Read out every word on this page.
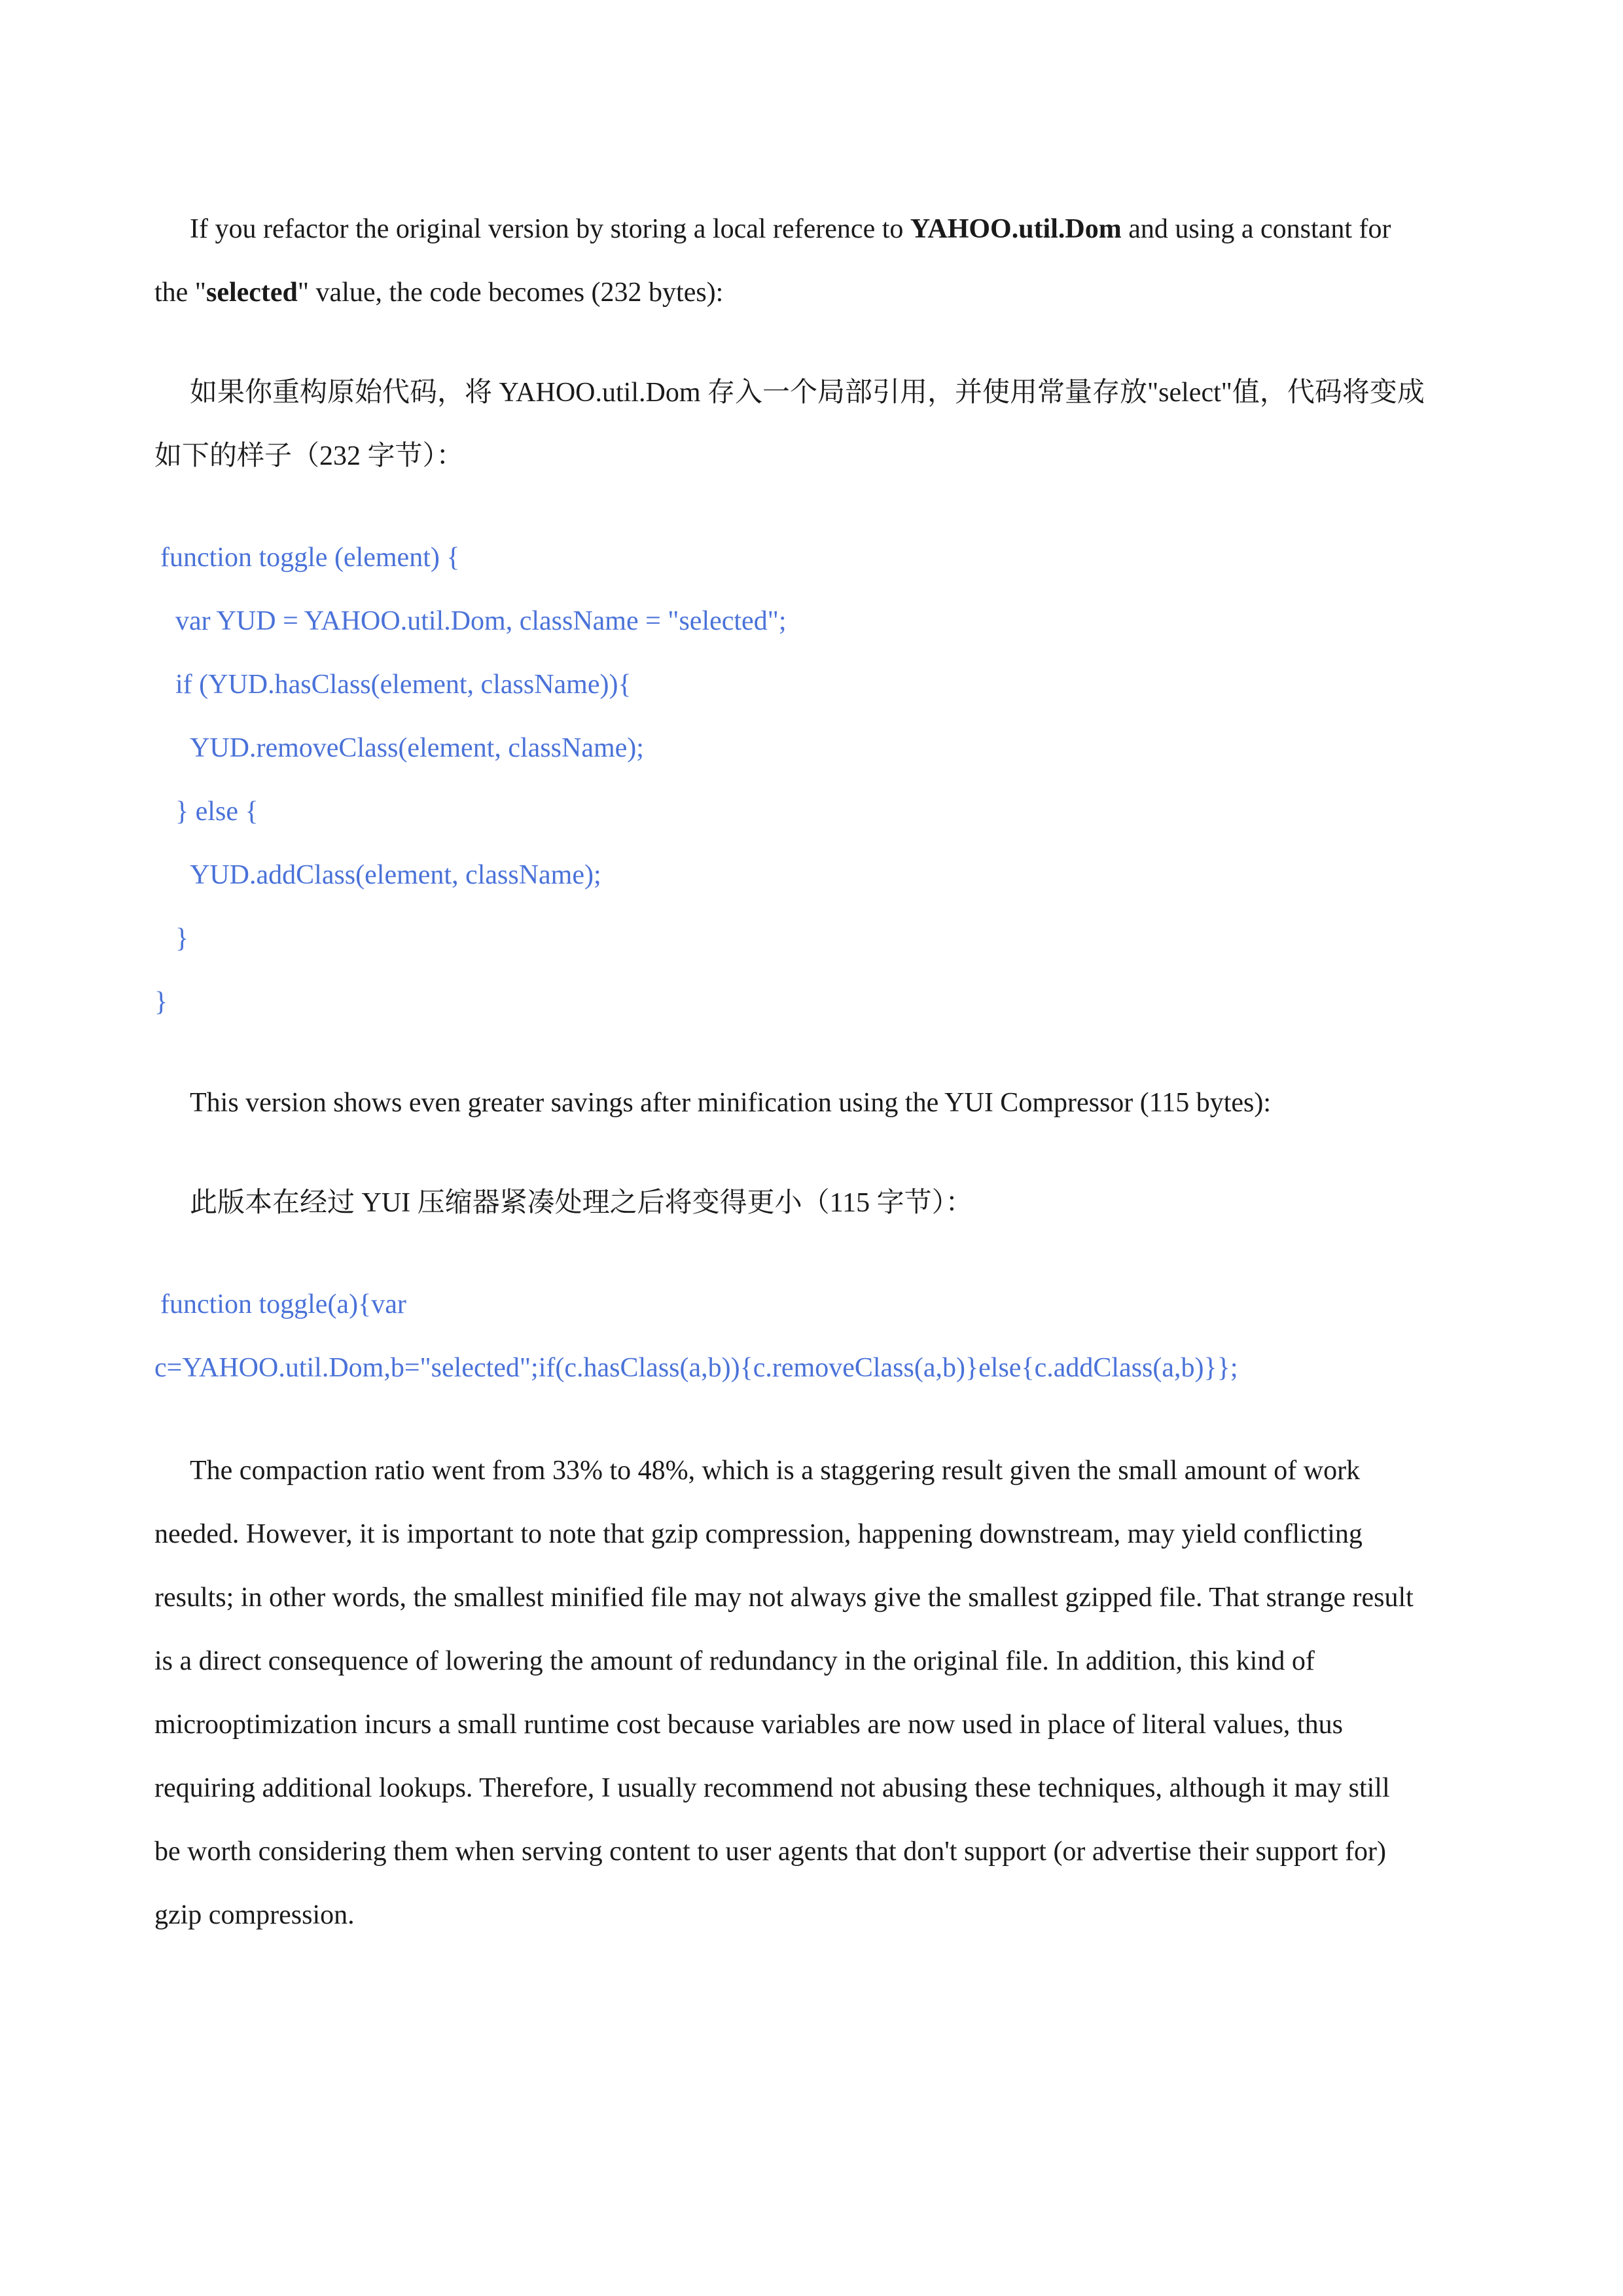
If you refactor the original version by storing a local reference to YAHOO.util.Dom and using a constant for
the "selected" value, the code becomes (232 bytes):
如果你重构原始代码，将 YAHOO.util.Dom 存入一个局部引用，并使用常量存放"select"值，代码将变成
如下的样子（232 字节）：
function toggle (element) {
var YUD = YAHOO.util.Dom, className = "selected";
if (YUD.hasClass(element, className)){
YUD.removeClass(element, className);
} else {
YUD.addClass(element, className);
}
}
This version shows even greater savings after minification using the YUI Compressor (115 bytes):
此版本在经过 YUI 压缩器紧凑处理之后将变得更小（115 字节）：
function toggle(a){var
c=YAHOO.util.Dom,b="selected";if(c.hasClass(a,b)){c.removeClass(a,b)}else{c.addClass(a,b)}};
The compaction ratio went from 33% to 48%, which is a staggering result given the small amount of work
needed. However, it is important to note that gzip compression, happening downstream, may yield conflicting
results; in other words, the smallest minified file may not always give the smallest gzipped file. That strange result
is a direct consequence of lowering the amount of redundancy in the original file. In addition, this kind of
microoptimization incurs a small runtime cost because variables are now used in place of literal values, thus
requiring additional lookups. Therefore, I usually recommend not abusing these techniques, although it may still
be worth considering them when serving content to user agents that don't support (or advertise their support for)
gzip compression.
